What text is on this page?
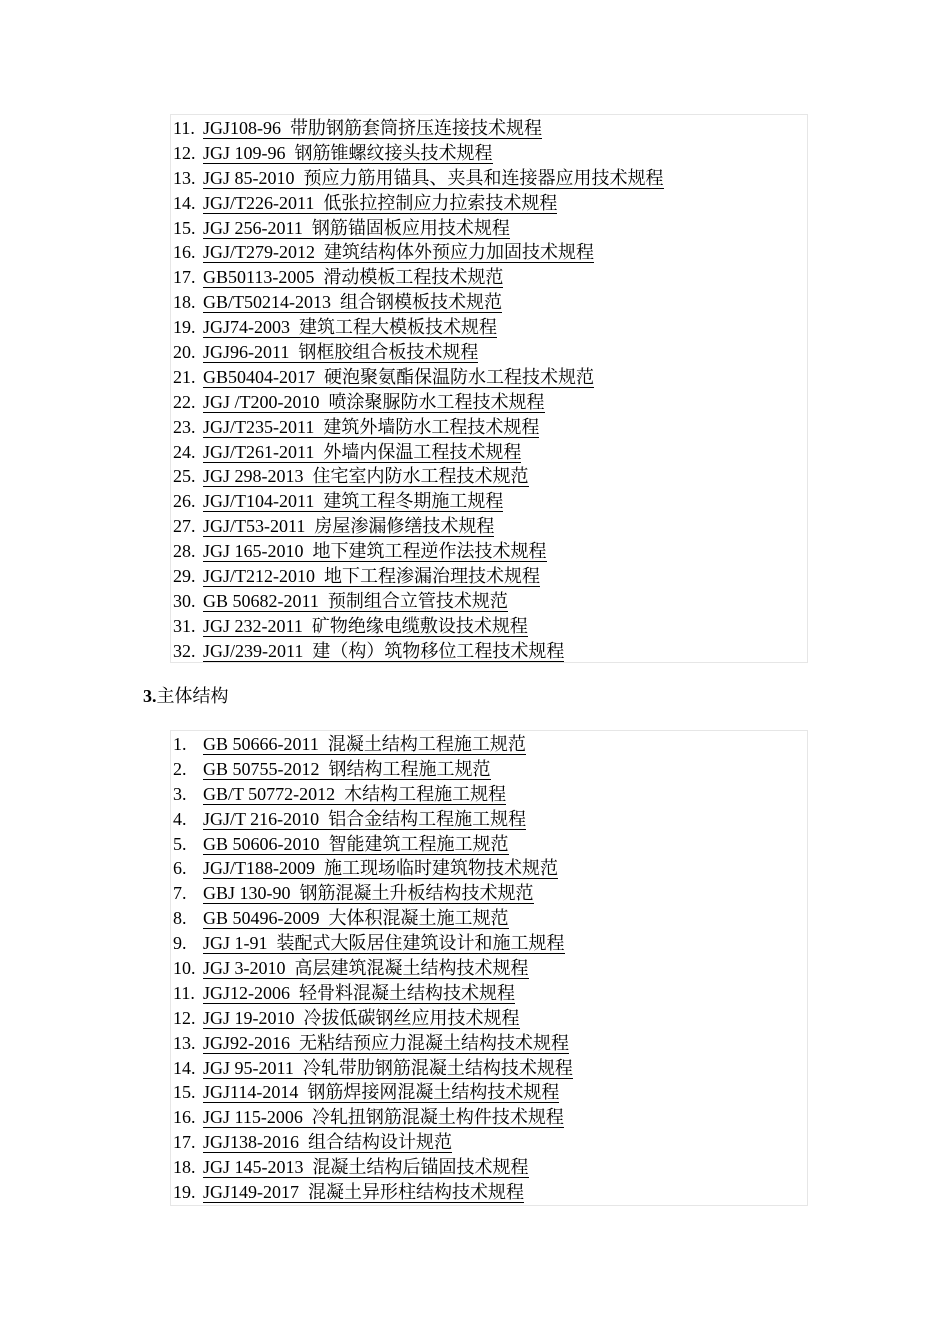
11. JGJ108-96 带肋钢筋套筒挤压连接技术规程
12. JGJ 109-96 钢筋锥螺纹接头技术规程
13. JGJ 85-2010 预应力筋用锚具、夹具和连接器应用技术规程
14. JGJ/T226-2011 低张拉控制应力拉索技术规程
15. JGJ 256-2011 钢筋锚固板应用技术规程
16. JGJ/T279-2012 建筑结构体外预应力加固技术规程
17. GB50113-2005 滑动模板工程技术规范
18. GB/T50214-2013 组合钢模板技术规范
19. JGJ74-2003 建筑工程大模板技术规程
20. JGJ96-2011 钢框胶组合板技术规程
21. GB50404-2017 硬泡聚氨酯保温防水工程技术规范
22. JGJ /T200-2010 喷涂聚脲防水工程技术规程
23. JGJ/T235-2011 建筑外墙防水工程技术规程
24. JGJ/T261-2011 外墙内保温工程技术规程
25. JGJ 298-2013 住宅室内防水工程技术规范
26. JGJ/T104-2011 建筑工程冬期施工规程
27. JGJ/T53-2011 房屋渗漏修缮技术规程
28. JGJ 165-2010 地下建筑工程逆作法技术规程
29. JGJ/T212-2010 地下工程渗漏治理技术规程
30. GB 50682-2011 预制组合立管技术规范
31. JGJ 232-2011 矿物绝缘电缆敷设技术规程
32. JGJ/239-2011 建（构）筑物移位工程技术规程
3.主体结构
1. GB 50666-2011 混凝土结构工程施工规范
2. GB 50755-2012 钢结构工程施工规范
3. GB/T 50772-2012 木结构工程施工规程
4. JGJ/T 216-2010 铝合金结构工程施工规程
5. GB 50606-2010 智能建筑工程施工规范
6. JGJ/T188-2009 施工现场临时建筑物技术规范
7. GBJ 130-90 钢筋混凝土升板结构技术规范
8. GB 50496-2009 大体积混凝土施工规范
9. JGJ 1-91 装配式大阪居住建筑设计和施工规程
10. JGJ 3-2010 高层建筑混凝土结构技术规程
11. JGJ12-2006 轻骨料混凝土结构技术规程
12. JGJ 19-2010 冷拔低碳钢丝应用技术规程
13. JGJ92-2016 无粘结预应力混凝土结构技术规程
14. JGJ 95-2011 冷轧带肋钢筋混凝土结构技术规程
15. JGJ114-2014 钢筋焊接网混凝土结构技术规程
16. JGJ 115-2006 冷轧扭钢筋混凝土构件技术规程
17. JGJ138-2016 组合结构设计规范
18. JGJ 145-2013 混凝土结构后锚固技术规程
19. JGJ149-2017 混凝土异形柱结构技术规程
